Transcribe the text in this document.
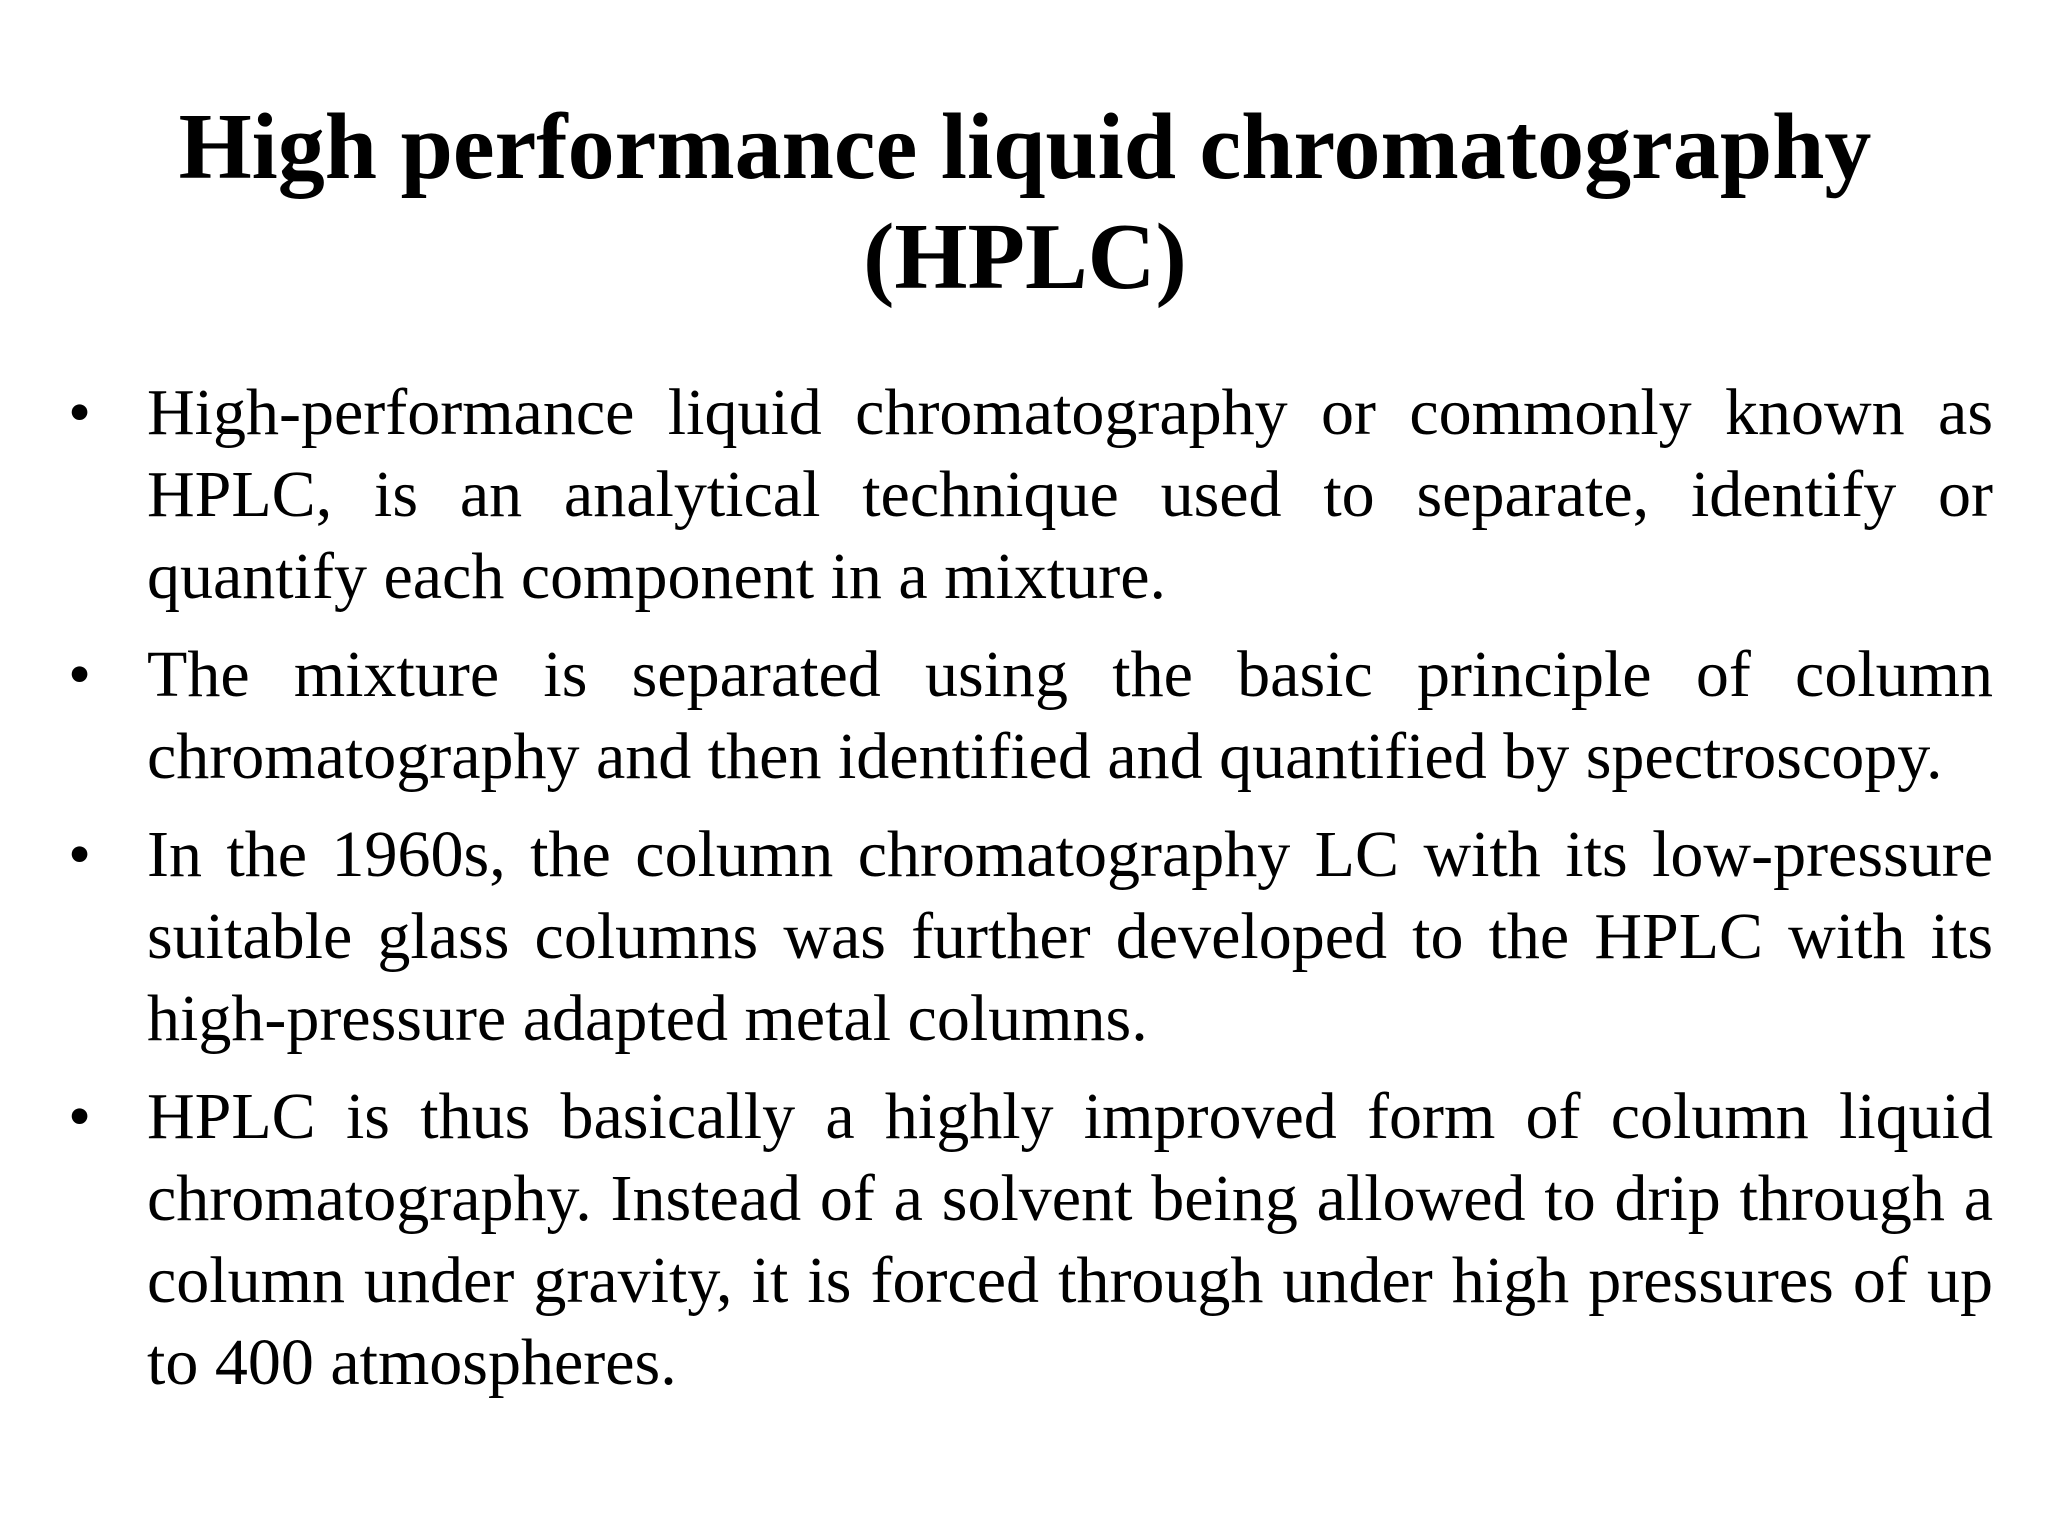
High performance liquid chromatography
(HPLC)
• High-performance liquid chromatography or commonly known as HPLC, is an analytical technique used to separate, identify or quantify each component in a mixture.
• The mixture is separated using the basic principle of column chromatography and then identified and quantified by spectroscopy.
• In the 1960s, the column chromatography LC with its low-pressure suitable glass columns was further developed to the HPLC with its high-pressure adapted metal columns.
• HPLC is thus basically a highly improved form of column liquid chromatography. Instead of a solvent being allowed to drip through a column under gravity, it is forced through under high pressures of up to 400 atmospheres.
